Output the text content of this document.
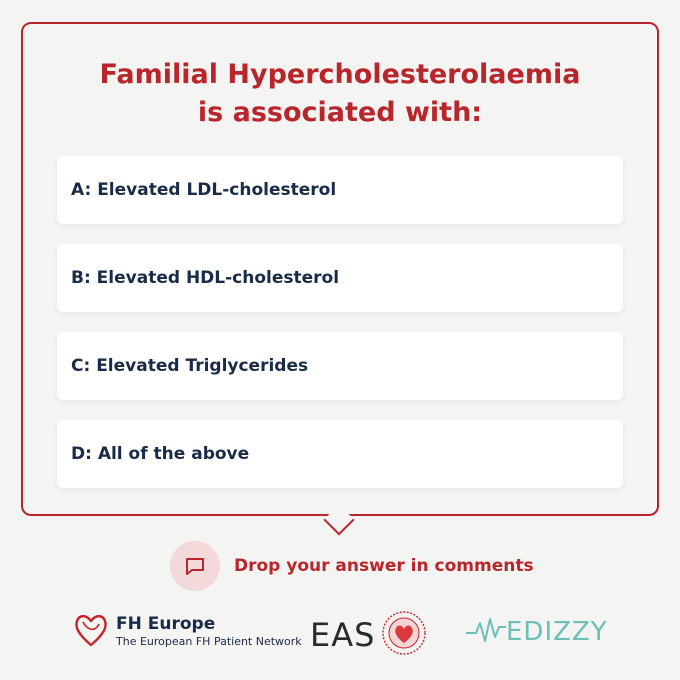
Familial Hypercholesterolaemia
is associated with:
A: Elevated LDL-cholesterol
B: Elevated HDL-cholesterol
C: Elevated Triglycerides
D: All of the above
Drop your answer in comments
FH Europe
The European FH Patient Network EAS	EDIZZY
